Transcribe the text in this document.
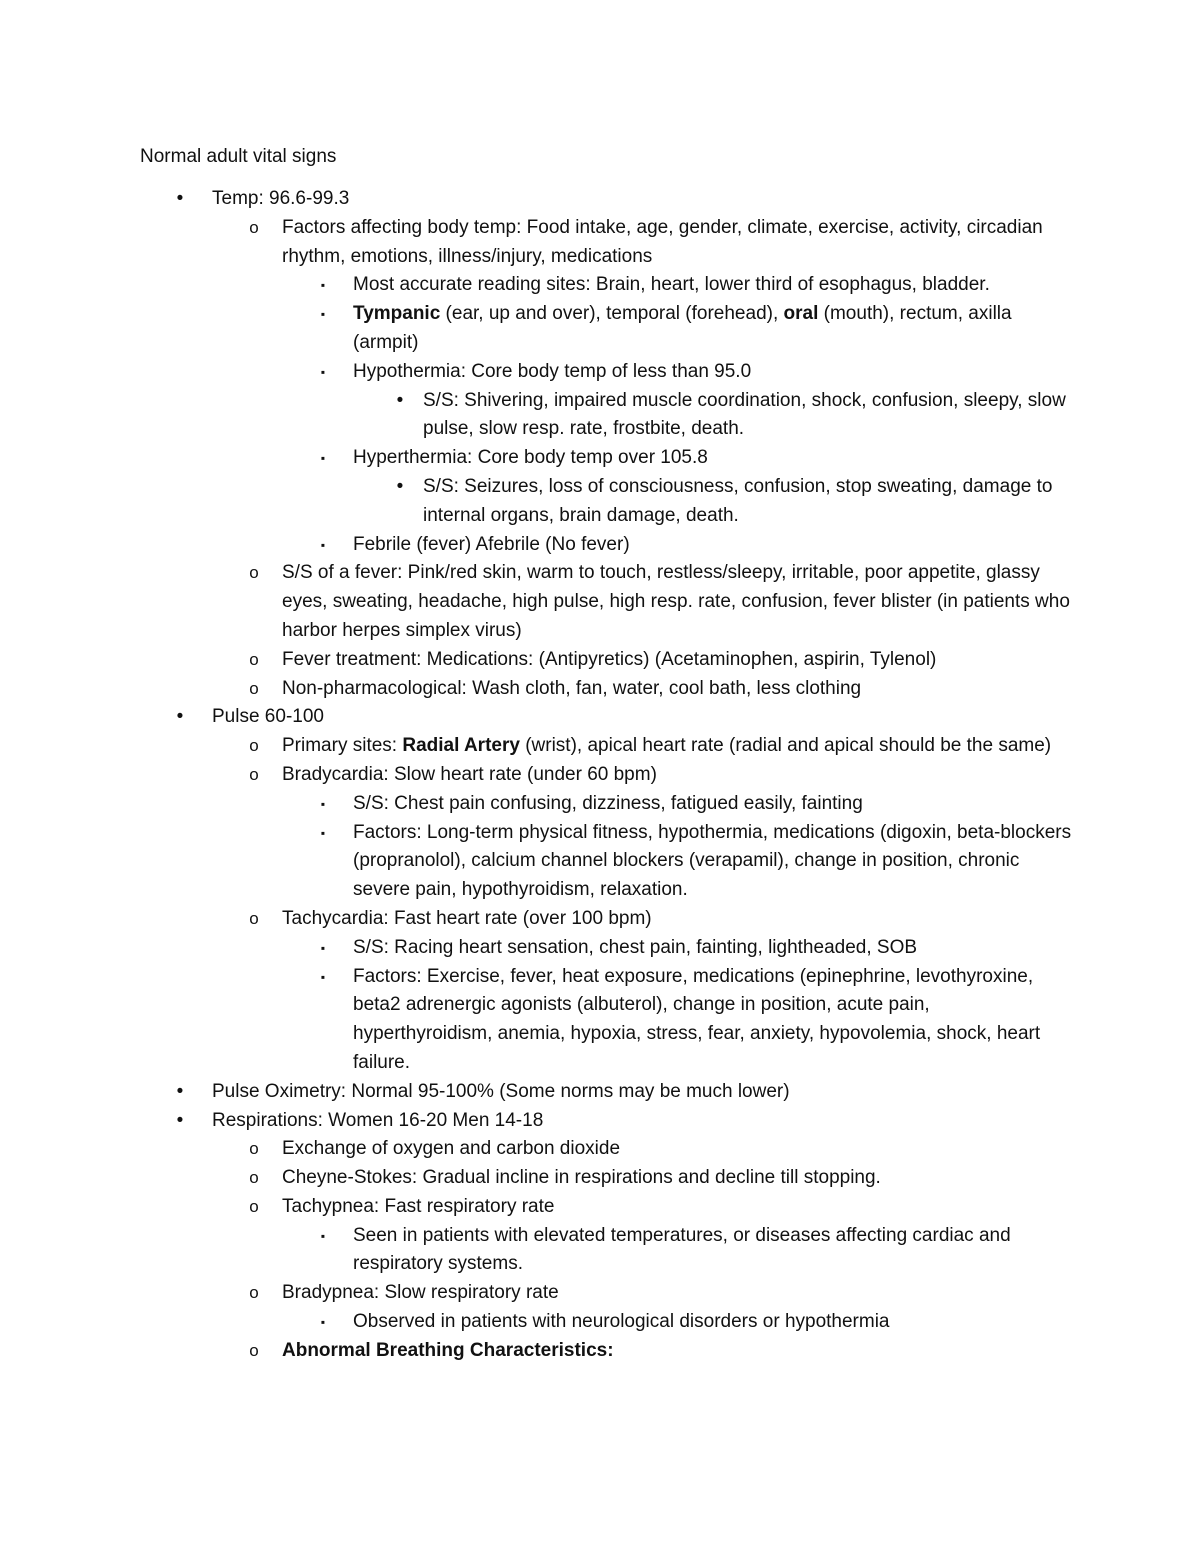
Normal adult vital signs
•	Temp: 96.6-99.3
o Factors affecting body temp: Food intake, age, gender, climate, exercise, activity, circadian rhythm, emotions, illness/injury, medications
▪	Most accurate reading sites: Brain, heart, lower third of esophagus, bladder.
▪	Tympanic (ear, up and over), temporal (forehead), oral (mouth), rectum, axilla (armpit)
▪	Hypothermia: Core body temp of less than 95.0
•	S/S: Shivering, impaired muscle coordination, shock, confusion, sleepy, slow pulse, slow resp. rate, frostbite, death.
▪	Hyperthermia: Core body temp over 105.8
•	S/S: Seizures, loss of consciousness, confusion, stop sweating, damage to internal organs, brain damage, death.
▪	Febrile (fever) Afebrile (No fever)
o S/S of a fever: Pink/red skin, warm to touch, restless/sleepy, irritable, poor appetite, glassy eyes, sweating, headache, high pulse, high resp. rate, confusion, fever blister (in patients who harbor herpes simplex virus)
o Fever treatment: Medications: (Antipyretics) (Acetaminophen, aspirin, Tylenol)
o Non-pharmacological: Wash cloth, fan, water, cool bath, less clothing
•	Pulse 60-100
o Primary sites: Radial Artery (wrist), apical heart rate (radial and apical should be the same)
o Bradycardia: Slow heart rate (under 60 bpm)
▪	S/S: Chest pain confusing, dizziness, fatigued easily, fainting
▪	Factors: Long-term physical fitness, hypothermia, medications (digoxin, beta-blockers (propranolol), calcium channel blockers (verapamil), change in position, chronic severe pain, hypothyroidism, relaxation.
o Tachycardia: Fast heart rate (over 100 bpm)
▪	S/S: Racing heart sensation, chest pain, fainting, lightheaded, SOB
▪	Factors: Exercise, fever, heat exposure, medications (epinephrine, levothyroxine, beta2 adrenergic agonists (albuterol), change in position, acute pain, hyperthyroidism, anemia, hypoxia, stress, fear, anxiety, hypovolemia, shock, heart failure.
•	Pulse Oximetry: Normal 95-100% (Some norms may be much lower)
•	Respirations: Women 16-20 Men 14-18
o Exchange of oxygen and carbon dioxide
o Cheyne-Stokes: Gradual incline in respirations and decline till stopping.
o Tachypnea: Fast respiratory rate
▪	Seen in patients with elevated temperatures, or diseases affecting cardiac and respiratory systems.
o Bradypnea: Slow respiratory rate
▪	Observed in patients with neurological disorders or hypothermia
o Abnormal Breathing Characteristics:
